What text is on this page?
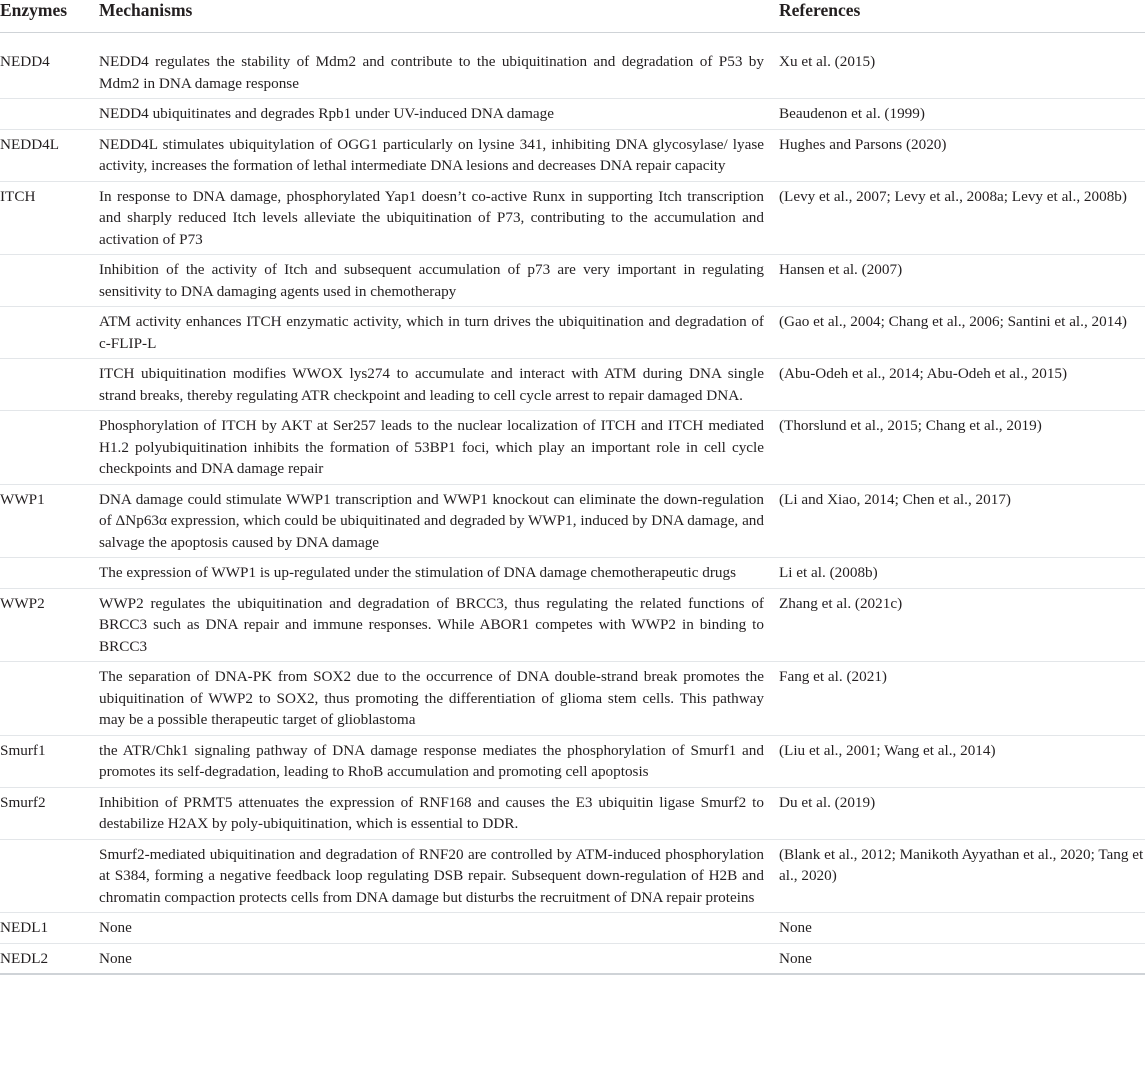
Enzymes	Mechanisms	References
NEDD4	NEDD4 regulates the stability of Mdm2 and contribute to the ubiquitination and degradation of P53 by Mdm2 in DNA damage response	Xu et al. (2015)
	NEDD4 ubiquitinates and degrades Rpb1 under UV-induced DNA damage	Beaudenon et al. (1999)
NEDD4L	NEDD4L stimulates ubiquitylation of OGG1 particularly on lysine 341, inhibiting DNA glycosylase/ lyase activity, increases the formation of lethal intermediate DNA lesions and decreases DNA repair capacity	Hughes and Parsons (2020)
ITCH	In response to DNA damage, phosphorylated Yap1 doesn’t co-active Runx in supporting Itch transcription and sharply reduced Itch levels alleviate the ubiquitination of P73, contributing to the accumulation and activation of P73	(Levy et al., 2007; Levy et al., 2008a; Levy et al., 2008b)
	Inhibition of the activity of Itch and subsequent accumulation of p73 are very important in regulating sensitivity to DNA damaging agents used in chemotherapy	Hansen et al. (2007)
	ATM activity enhances ITCH enzymatic activity, which in turn drives the ubiquitination and degradation of c-FLIP-L	(Gao et al., 2004; Chang et al., 2006; Santini et al., 2014)
	ITCH ubiquitination modifies WWOX lys274 to accumulate and interact with ATM during DNA single strand breaks, thereby regulating ATR checkpoint and leading to cell cycle arrest to repair damaged DNA.	(Abu-Odeh et al., 2014; Abu-Odeh et al., 2015)
	Phosphorylation of ITCH by AKT at Ser257 leads to the nuclear localization of ITCH and ITCH mediated H1.2 polyubiquitination inhibits the formation of 53BP1 foci, which play an important role in cell cycle checkpoints and DNA damage repair	(Thorslund et al., 2015; Chang et al., 2019)
WWP1	DNA damage could stimulate WWP1 transcription and WWP1 knockout can eliminate the down-regulation of ΔNp63α expression, which could be ubiquitinated and degraded by WWP1, induced by DNA damage, and salvage the apoptosis caused by DNA damage	(Li and Xiao, 2014; Chen et al., 2017)
	The expression of WWP1 is up-regulated under the stimulation of DNA damage chemotherapeutic drugs	Li et al. (2008b)
WWP2	WWP2 regulates the ubiquitination and degradation of BRCC3, thus regulating the related functions of BRCC3 such as DNA repair and immune responses. While ABOR1 competes with WWP2 in binding to BRCC3	Zhang et al. (2021c)
	The separation of DNA-PK from SOX2 due to the occurrence of DNA double-strand break promotes the ubiquitination of WWP2 to SOX2, thus promoting the differentiation of glioma stem cells. This pathway may be a possible therapeutic target of glioblastoma	Fang et al. (2021)
Smurf1	the ATR/Chk1 signaling pathway of DNA damage response mediates the phosphorylation of Smurf1 and promotes its self-degradation, leading to RhoB accumulation and promoting cell apoptosis	(Liu et al., 2001; Wang et al., 2014)
Smurf2	Inhibition of PRMT5 attenuates the expression of RNF168 and causes the E3 ubiquitin ligase Smurf2 to destabilize H2AX by poly-ubiquitination, which is essential to DDR.	Du et al. (2019)
	Smurf2-mediated ubiquitination and degradation of RNF20 are controlled by ATM-induced phosphorylation at S384, forming a negative feedback loop regulating DSB repair. Subsequent down-regulation of H2B and chromatin compaction protects cells from DNA damage but disturbs the recruitment of DNA repair proteins	(Blank et al., 2012; Manikoth Ayyathan et al., 2020; Tang et al., 2020)
NEDL1	None	None
NEDL2	None	None
